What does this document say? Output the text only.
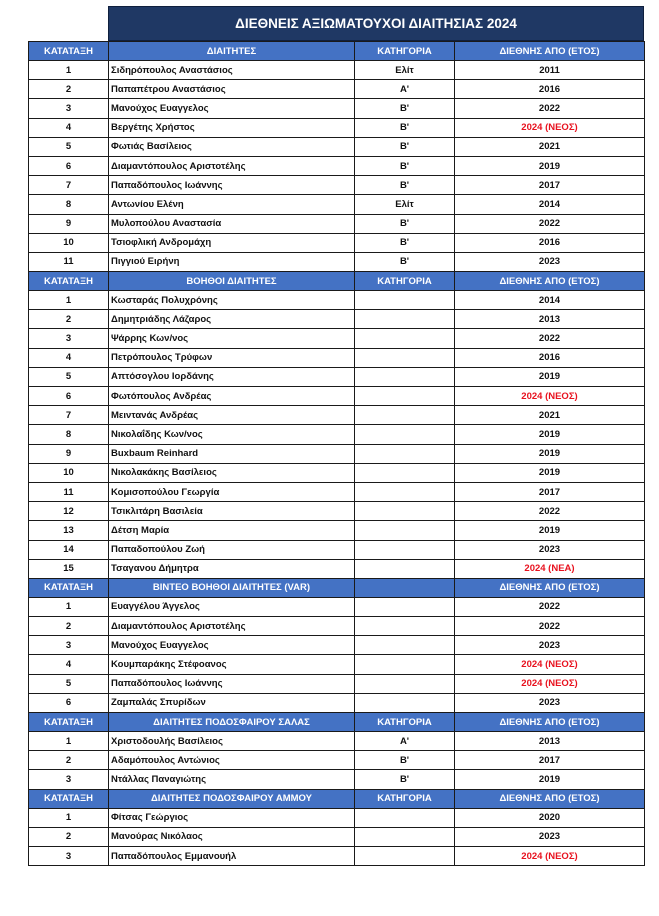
ΔΙΕΘΝΕΙΣ ΑΞΙΩΜΑΤΟΥΧΟΙ ΔΙΑΙΤΗΣΙΑΣ 2024
ΚΑΤΑΤΑΞΗ	ΔΙΑΙΤΗΤΕΣ	ΚΑΤΗΓΟΡΙΑ	ΔΙΕΘΝΗΣ ΑΠΟ (ΕΤΟΣ)
1	Σιδηρόπουλος Αναστάσιος	Ελίτ	2011
2	Παπαπέτρου Αναστάσιος	Α'	2016
3	Μανούχος Ευαγγελος	Β'	2022
4	Βεργέτης Χρήστος	Β'	2024 (ΝΕΟΣ)
5	Φωτιάς Βασίλειος	Β'	2021
6	Διαμαντόπουλος Αριστοτέλης	Β'	2019
7	Παπαδόπουλος Ιωάννης	Β'	2017
8	Αντωνίου Ελένη	Ελίτ	2014
9	Μυλοπούλου Αναστασία	Β'	2022
10	Τσιοφλική Ανδρομάχη	Β'	2016
11	Πιγγιού Ειρήνη	Β'	2023
ΚΑΤΑΤΑΞΗ	ΒΟΗΘΟΙ ΔΙΑΙΤΗΤΕΣ	ΚΑΤΗΓΟΡΙΑ	ΔΙΕΘΝΗΣ ΑΠΟ (ΕΤΟΣ)
1	Κωσταράς Πολυχρόνης		2014
2	Δημητριάδης Λάζαρος		2013
3	Ψάρρης Κων/νος		2022
4	Πετρόπουλος Τρύφων		2016
5	Απτόσογλου Ιορδάνης		2019
6	Φωτόπουλος Ανδρέας		2024 (ΝΕΟΣ)
7	Μειντανάς Ανδρέας		2021
8	Νικολαΐδης Κων/νος		2019
9	Buxbaum Reinhard		2019
10	Νικολακάκης Βασίλειος		2019
11	Κομισοπούλου Γεωργία		2017
12	Τσικλιτάρη Βασιλεία		2022
13	Δέτση Μαρία		2019
14	Παπαδοπούλου Ζωή		2023
15	Τσαγανου Δήμητρα		2024 (ΝΕΑ)
ΚΑΤΑΤΑΞΗ	ΒΙΝΤΕΟ ΒΟΗΘΟΙ ΔΙΑΙΤΗΤΕΣ (VAR)		ΔΙΕΘΝΗΣ ΑΠΟ (ΕΤΟΣ)
1	Ευαγγέλου Άγγελος		2022
2	Διαμαντόπουλος Αριστοτέλης		2022
3	Μανούχος Ευαγγελος		2023
4	Κουμπαράκης Στέφοανος		2024 (ΝΕΟΣ)
5	Παπαδόπουλος Ιωάννης		2024 (ΝΕΟΣ)
6	Ζαμπαλάς Σπυρίδων		2023
ΚΑΤΑΤΑΞΗ	ΔΙΑΙΤΗΤΕΣ ΠΟΔΟΣΦΑΙΡΟΥ ΣΑΛΑΣ	ΚΑΤΗΓΟΡΙΑ	ΔΙΕΘΝΗΣ ΑΠΟ (ΕΤΟΣ)
1	Χριστοδουλής Βασίλειος	Α'	2013
2	Αδαμόπουλος Αντώνιος	Β'	2017
3	Ντάλλας Παναγιώτης	Β'	2019
ΚΑΤΑΤΑΞΗ	ΔΙΑΙΤΗΤΕΣ ΠΟΔΟΣΦΑΙΡΟΥ ΑΜΜΟΥ	ΚΑΤΗΓΟΡΙΑ	ΔΙΕΘΝΗΣ ΑΠΟ (ΕΤΟΣ)
1	Φίτσας Γεώργιος		2020
2	Μανούρας Νικόλαος		2023
3	Παπαδόπουλος Εμμανουήλ		2024 (ΝΕΟΣ)
